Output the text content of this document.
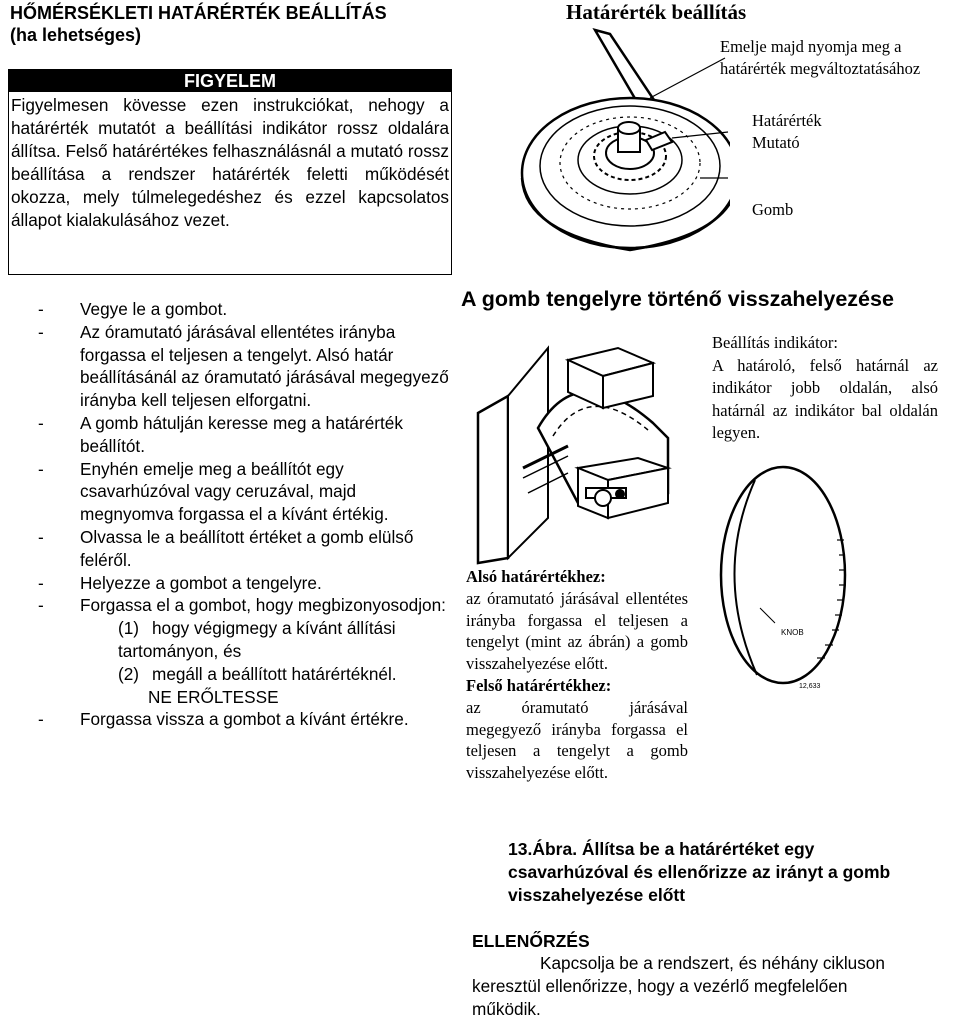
HŐMÉRSÉKLETI HATÁRÉRTÉK BEÁLLÍTÁS
(ha lehetséges)
FIGYELEM
Figyelmesen kövesse ezen instrukciókat, nehogy a határérték mutatót a beállítási indikátor rossz oldalára állítsa. Felső határértékes felhasználásnál a mutató rossz beállítása a rendszer határérték feletti működését okozza, mely túlmelegedéshez és ezzel kapcsolatos állapot kialakulásához vezet.
- Vegye le a gombot.
- Az óramutató járásával ellentétes irányba forgassa el teljesen a tengelyt. Alsó határ beállításánál az óramutató járásával megegyező irányba kell teljesen elforgatni.
- A gomb hátulján keresse meg a határérték beállítót.
- Enyhén emelje meg a beállítót egy csavarhúzóval vagy ceruzával, majd megnyomva forgassa el a kívánt értékig.
- Olvassa le a beállított értéket a gomb elülső feléről.
- Helyezze a gombot a tengelyre.
- Forgassa el a gombot, hogy megbizonyosodjon:
(1) hogy végigmegy a kívánt állítási
tartományon, és
(2) megáll a beállított határértéknél.
NE ERŐLTESSE
- Forgassa vissza a gombot a kívánt értékre.
Határérték beállítás
Emelje majd nyomja meg a
határérték megváltoztatásához
Határérték
Mutató
Gomb
A gomb tengelyre történő visszahelyezése
Beállítás indikátor:
A határoló, felső határnál az indikátor jobb oldalán, alsó határnál az indikátor bal oldalán legyen.
KNOB
12,633
Alsó határértékhez:
az óramutató járásával ellentétes irányba forgassa el teljesen a tengelyt (mint az ábrán) a gomb visszahelyezése előtt.
Felső határértékhez:
az óramutató járásával megegyező irányba forgassa el teljesen a tengelyt a gomb visszahelyezése előtt.
13.Ábra. Állítsa be a határértéket egy csavarhúzóval és ellenőrizze az irányt a gomb visszahelyezése előtt
ELLENŐRZÉS
Kapcsolja be a rendszert, és néhány cikluson keresztül ellenőrizze, hogy a vezérlő megfelelően működik.
